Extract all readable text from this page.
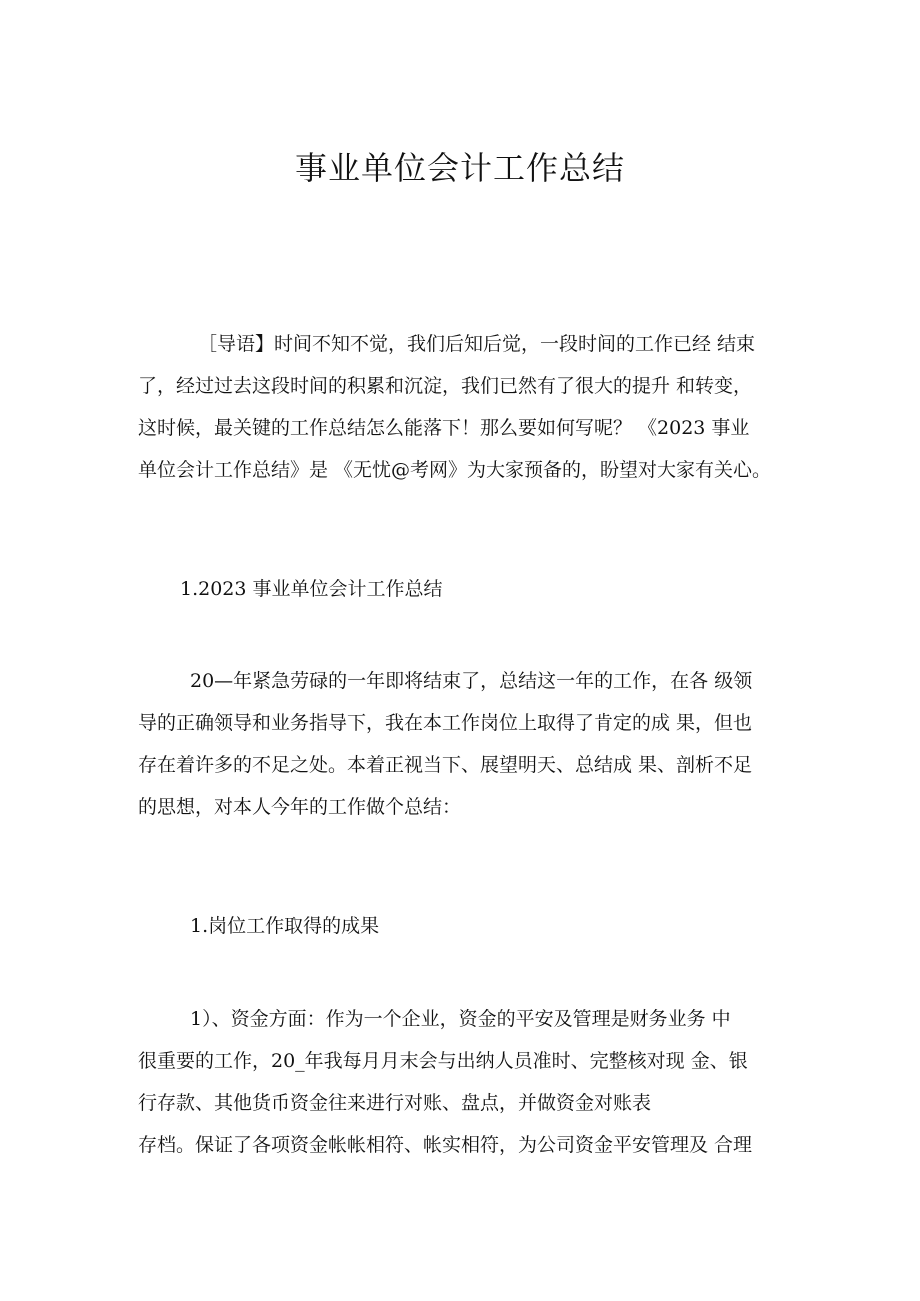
事业单位会计工作总结
［导语】时间不知不觉，我们后知后觉，一段时间的工作已经 结束
了，经过过去这段时间的积累和沉淀，我们已然有了很大的提升 和转变，
这时候，最关键的工作总结怎么能落下！那么要如何写呢？ 《2023 事业
单位会计工作总结》是 《无忧@考网》为大家预备的，盼望对大家有关心。
1.2023 事业单位会计工作总结
20—年紧急劳碌的一年即将结束了，总结这一年的工作，在各 级领
导的正确领导和业务指导下，我在本工作岗位上取得了肯定的成 果，但也
存在着许多的不足之处。本着正视当下、展望明天、总结成 果、剖析不足
的思想，对本人今年的工作做个总结：
1.岗位工作取得的成果
1）、资金方面：作为一个企业，资金的平安及管理是财务业务 中
很重要的工作，20_年我每月月末会与出纳人员准时、完整核对现 金、银
行存款、其他货币资金往来进行对账、盘点，并做资金对账表
存档。保证了各项资金帐帐相符、帐实相符，为公司资金平安管理及 合理
